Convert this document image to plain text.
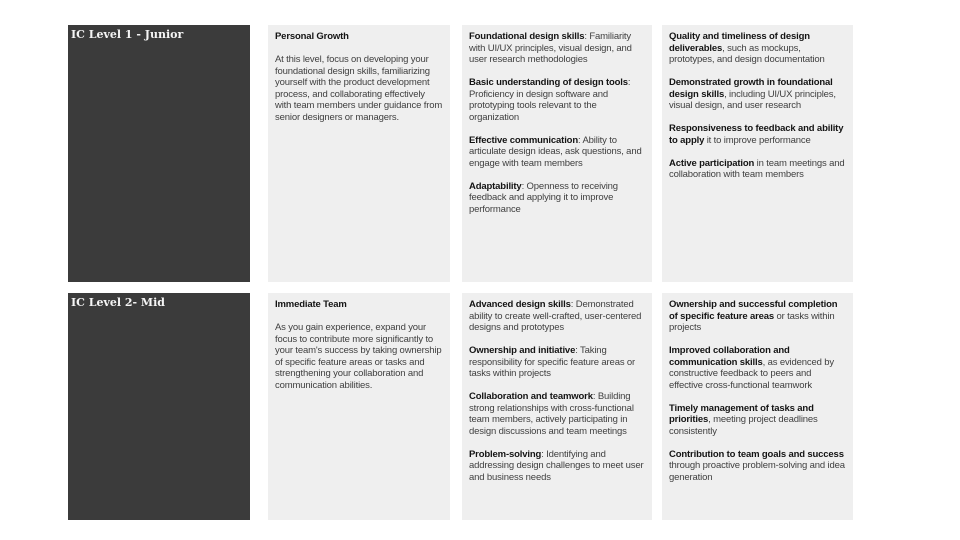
IC Level 1 - Junior	Personal Growth

At this level, focus on developing your foundational design skills, familiarizing yourself with the product development process, and collaborating effectively with team members under guidance from senior designers or managers.

Foundational design skills: Familiarity with UI/UX principles, visual design, and user research methodologies

Basic understanding of design tools: Proficiency in design software and prototyping tools relevant to the organization

Effective communication: Ability to articulate design ideas, ask questions, and engage with team members

Adaptability: Openness to receiving feedback and applying it to improve performance

Quality and timeliness of design deliverables, such as mockups, prototypes, and design documentation

Demonstrated growth in foundational design skills, including UI/UX principles, visual design, and user research

Responsiveness to feedback and ability to apply it to improve performance

Active participation in team meetings and collaboration with team members

IC Level 2- Mid	Immediate Team

As you gain experience, expand your focus to contribute more significantly to your team's success by taking ownership of specific feature areas or tasks and strengthening your collaboration and communication abilities.

Advanced design skills: Demonstrated ability to create well-crafted, user-centered designs and prototypes

Ownership and initiative: Taking responsibility for specific feature areas or tasks within projects

Collaboration and teamwork: Building strong relationships with cross-functional team members, actively participating in design discussions and team meetings

Problem-solving: Identifying and addressing design challenges to meet user and business needs

Ownership and successful completion of specific feature areas or tasks within projects

Improved collaboration and communication skills, as evidenced by constructive feedback to peers and effective cross-functional teamwork

Timely management of tasks and priorities, meeting project deadlines consistently

Contribution to team goals and success through proactive problem-solving and idea generation
